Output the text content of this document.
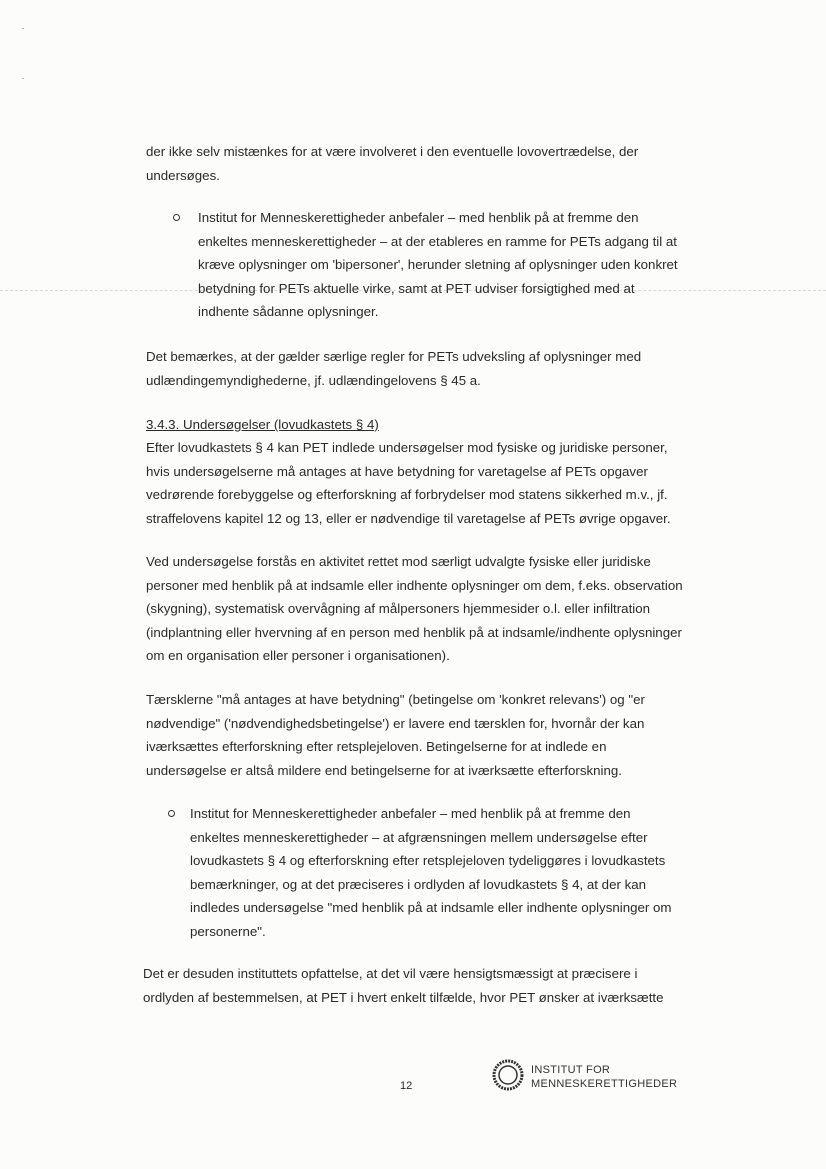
der ikke selv mistænkes for at være involveret i den eventuelle lovovertrædelse, der undersøges.

Institut for Menneskerettigheder anbefaler – med henblik på at fremme den enkeltes menneskerettigheder – at der etableres en ramme for PETs adgang til at kræve oplysninger om 'bipersoner', herunder sletning af oplysninger uden konkret betydning for PETs aktuelle virke, samt at PET udviser forsigtighed med at indhente sådanne oplysninger.

Det bemærkes, at der gælder særlige regler for PETs udveksling af oplysninger med udlændingemyndighederne, jf. udlændingelovens § 45 a.

3.4.3. Undersøgelser (lovudkastets § 4)

Efter lovudkastets § 4 kan PET indlede undersøgelser mod fysiske og juridiske personer, hvis undersøgelserne må antages at have betydning for varetagelse af PETs opgaver vedrørende forebyggelse og efterforskning af forbrydelser mod statens sikkerhed m.v., jf. straffelovens kapitel 12 og 13, eller er nødvendige til varetagelse af PETs øvrige opgaver.

Ved undersøgelse forstås en aktivitet rettet mod særligt udvalgte fysiske eller juridiske personer med henblik på at indsamle eller indhente oplysninger om dem, f.eks. observation (skygning), systematisk overvågning af målpersoners hjemmesider o.l. eller infiltration (indplantning eller hvervning af en person med henblik på at indsamle/indhente oplysninger om en organisation eller personer i organisationen).

Tærsklerne "må antages at have betydning" (betingelse om 'konkret relevans') og "er nødvendige" ('nødvendighedsbetingelse') er lavere end tærsklen for, hvornår der kan iværksættes efterforskning efter retsplejeloven. Betingelserne for at indlede en undersøgelse er altså mildere end betingelserne for at iværksætte efterforskning.

Institut for Menneskerettigheder anbefaler – med henblik på at fremme den enkeltes menneskerettigheder – at afgrænsningen mellem undersøgelse efter lovudkastets § 4 og efterforskning efter retsplejeloven tydeliggøres i lovudkastets bemærkninger, og at det præciseres i ordlyden af lovudkastets § 4, at der kan indledes undersøgelse "med henblik på at indsamle eller indhente oplysninger om personerne".

Det er desuden instituttets opfattelse, at det vil være hensigtsmæssigt at præcisere i ordlyden af bestemmelsen, at PET i hvert enkelt tilfælde, hvor PET ønsker at iværksætte

12
INSTITUT FOR
MENNESKERETTIGHEDER
